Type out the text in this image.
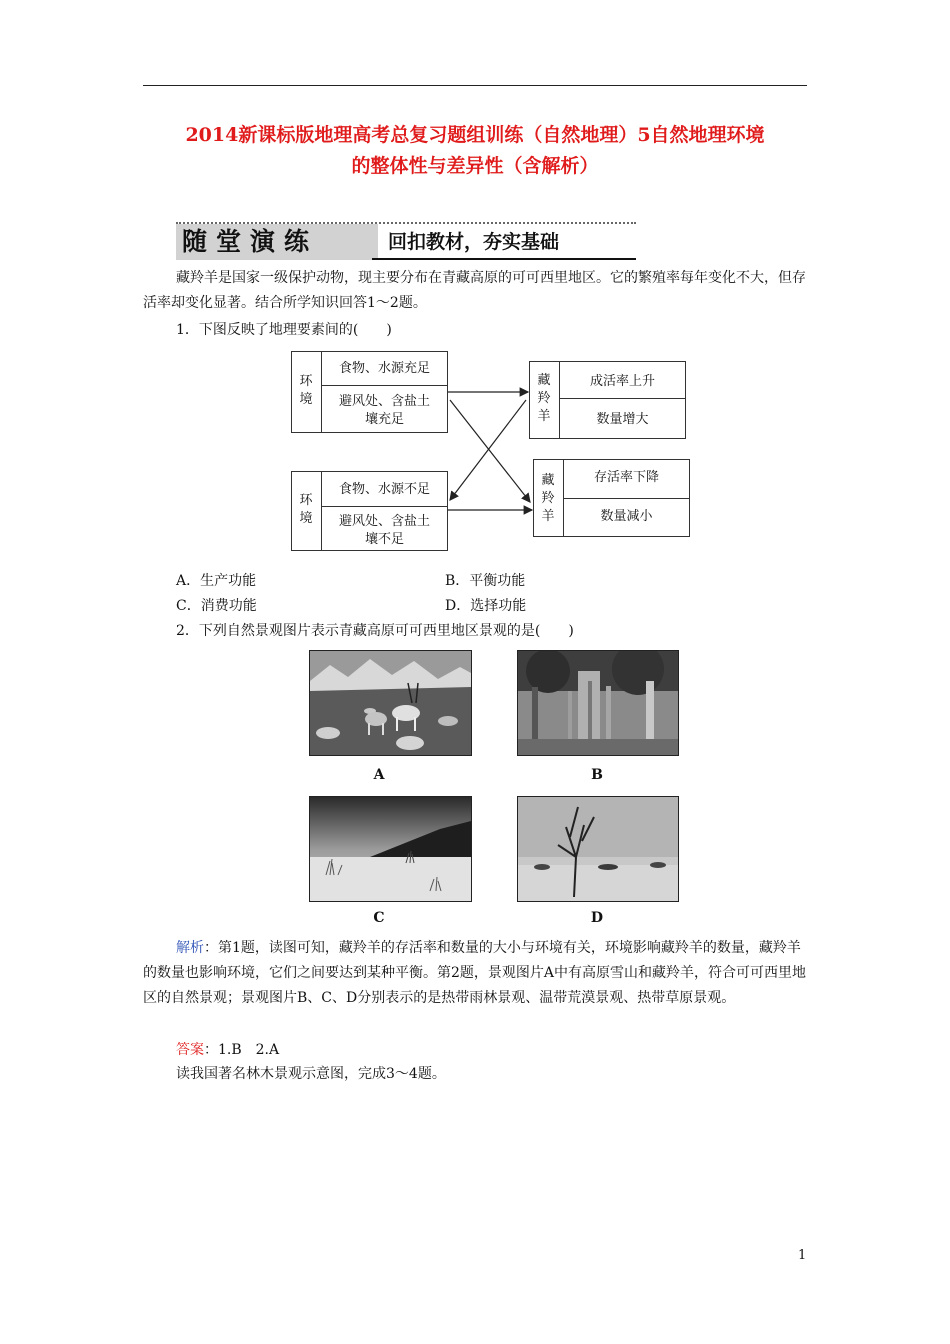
2014新课标版地理高考总复习题组训练（自然地理）5自然地理环境
的整体性与差异性（含解析）
随堂演练	回扣教材，夯实基础
藏羚羊是国家一级保护动物，现主要分布在青藏高原的可可西里地区。它的繁殖率每年变化不大，但存活率却变化显著。结合所学知识回答1～2题。
1．下图反映了地理要素间的(　　)
环境
食物、水源充足
避风处、含盐土
壤充足
环境
食物、水源不足
避风处、含盐土
壤不足
藏羚羊
成活率上升
数量增大
藏羚羊
存活率下降
数量减小
A．生产功能	B．平衡功能
C．消费功能	D．选择功能
2．下列自然景观图片表示青藏高原可可西里地区景观的是(　　)
A	B
C	D
解析：第1题，读图可知，藏羚羊的存活率和数量的大小与环境有关，环境影响藏羚羊的数量，藏羚羊的数量也影响环境，它们之间要达到某种平衡。第2题，景观图片A中有高原雪山和藏羚羊，符合可可西里地区的自然景观；景观图片B、C、D分别表示的是热带雨林景观、温带荒漠景观、热带草原景观。
答案：1.B　2.A
读我国著名林木景观示意图，完成3～4题。
1
